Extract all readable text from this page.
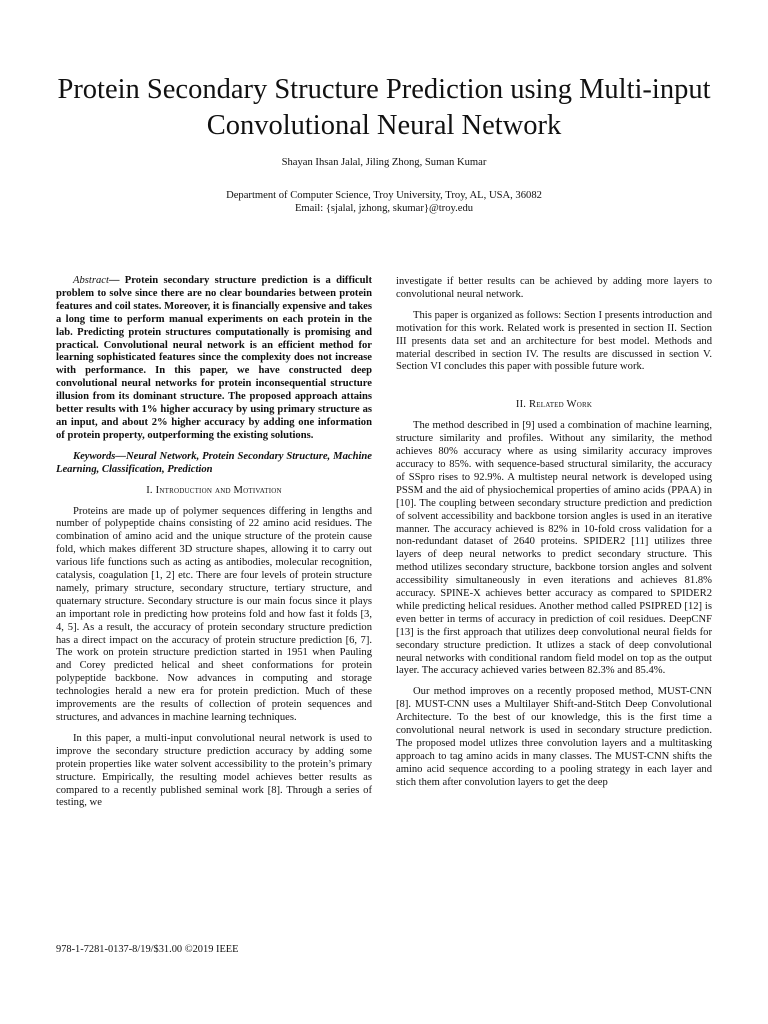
Protein Secondary Structure Prediction using Multi-input Convolutional Neural Network
Shayan Ihsan Jalal, Jiling Zhong, Suman Kumar
Department of Computer Science, Troy University, Troy, AL, USA, 36082
Email: {sjalal, jzhong, skumar}@troy.edu

Abstract— Protein secondary structure prediction is a difficult problem to solve since there are no clear boundaries between protein features and coil states. Moreover, it is financially expensive and takes a long time to perform manual experiments on each protein in the lab. Predicting protein structures computationally is promising and practical. Convolutional neural network is an efficient method for learning sophisticated features since the complexity does not increase with performance. In this paper, we have constructed deep convolutional neural networks for protein inconsequential structure illusion from its dominant structure. The proposed approach attains better results with 1% higher accuracy by using primary structure as an input, and about 2% higher accuracy by adding one information of protein property, outperforming the existing solutions.

Keywords—Neural Network, Protein Secondary Structure, Machine Learning, Classification, Prediction

I. Introduction and Motivation

Proteins are made up of polymer sequences differing in lengths and number of polypeptide chains consisting of 22 amino acid residues. The combination of amino acid and the unique structure of the protein cause fold, which makes different 3D structure shapes, allowing it to carry out various life functions such as acting as antibodies, molecular recognition, catalysis, coagulation [1, 2] etc. There are four levels of protein structure namely, primary structure, secondary structure, tertiary structure, and quaternary structure. Secondary structure is our main focus since it plays an important role in predicting how proteins fold and how fast it folds [3, 4, 5]. As a result, the accuracy of protein secondary structure prediction has a direct impact on the accuracy of protein structure prediction [6, 7]. The work on protein structure prediction started in 1951 when Pauling and Corey predicted helical and sheet conformations for protein polypeptide backbone. Now advances in computing and storage technologies herald a new era for protein prediction. Much of these improvements are the results of collection of protein sequences and structures, and advances in machine learning techniques.

In this paper, a multi-input convolutional neural network is used to improve the secondary structure prediction accuracy by adding some protein properties like water solvent accessibility to the protein’s primary structure. Empirically, the resulting model achieves better results as compared to a recently published seminal work [8]. Through a series of testing, we

investigate if better results can be achieved by adding more layers to convolutional neural network.

This paper is organized as follows: Section I presents introduction and motivation for this work. Related work is presented in section II. Section III presents data set and an architecture for best model. Methods and material described in section IV. The results are discussed in section V. Section VI concludes this paper with possible future work.

II. Related Work

The method described in [9] used a combination of machine learning, structure similarity and profiles. Without any similarity, the method achieves 80% accuracy where as using similarity accuracy improves accuracy to 85%. with sequence-based structural similarity, the accuracy of SSpro rises to 92.9%. A multistep neural network is developed using PSSM and the aid of physiochemical properties of amino acids (PPAA) in [10]. The coupling between secondary structure prediction and prediction of solvent accessibility and backbone torsion angles is used in an iterative manner. The accuracy achieved is 82% in 10-fold cross validation for a non-redundant dataset of 2640 proteins. SPIDER2 [11] utilizes three layers of deep neural networks to predict secondary structure. This method utilizes secondary structure, backbone torsion angles and solvent accessibility simultaneously in even iterations and achieves 81.8% accuracy. SPINE-X achieves better accuracy as compared to SPIDER2 while predicting helical residues. Another method called PSIPRED [12] is even better in terms of accuracy in prediction of coil residues. DeepCNF [13] is the first approach that utilizes deep convolutional neural fields for secondary structure prediction. It utlizes a stack of deep convolutional neural networks with conditional random field model on top as the output layer. The accuracy achieved varies between 82.3% and 85.4%.

Our method improves on a recently proposed method, MUST-CNN [8]. MUST-CNN uses a Multilayer Shift-and-Stitch Deep Convolutional Architecture. To the best of our knowledge, this is the first time a convolutional neural network is used in secondary structure prediction. The proposed model utlizes three convolution layers and a multitasking approach to tag amino acids in many classes. The MUST-CNN shifts the amino acid sequence according to a pooling strategy in each layer and stich them after convolution layers to get the deep

978-1-7281-0137-8/19/$31.00 ©2019 IEEE
